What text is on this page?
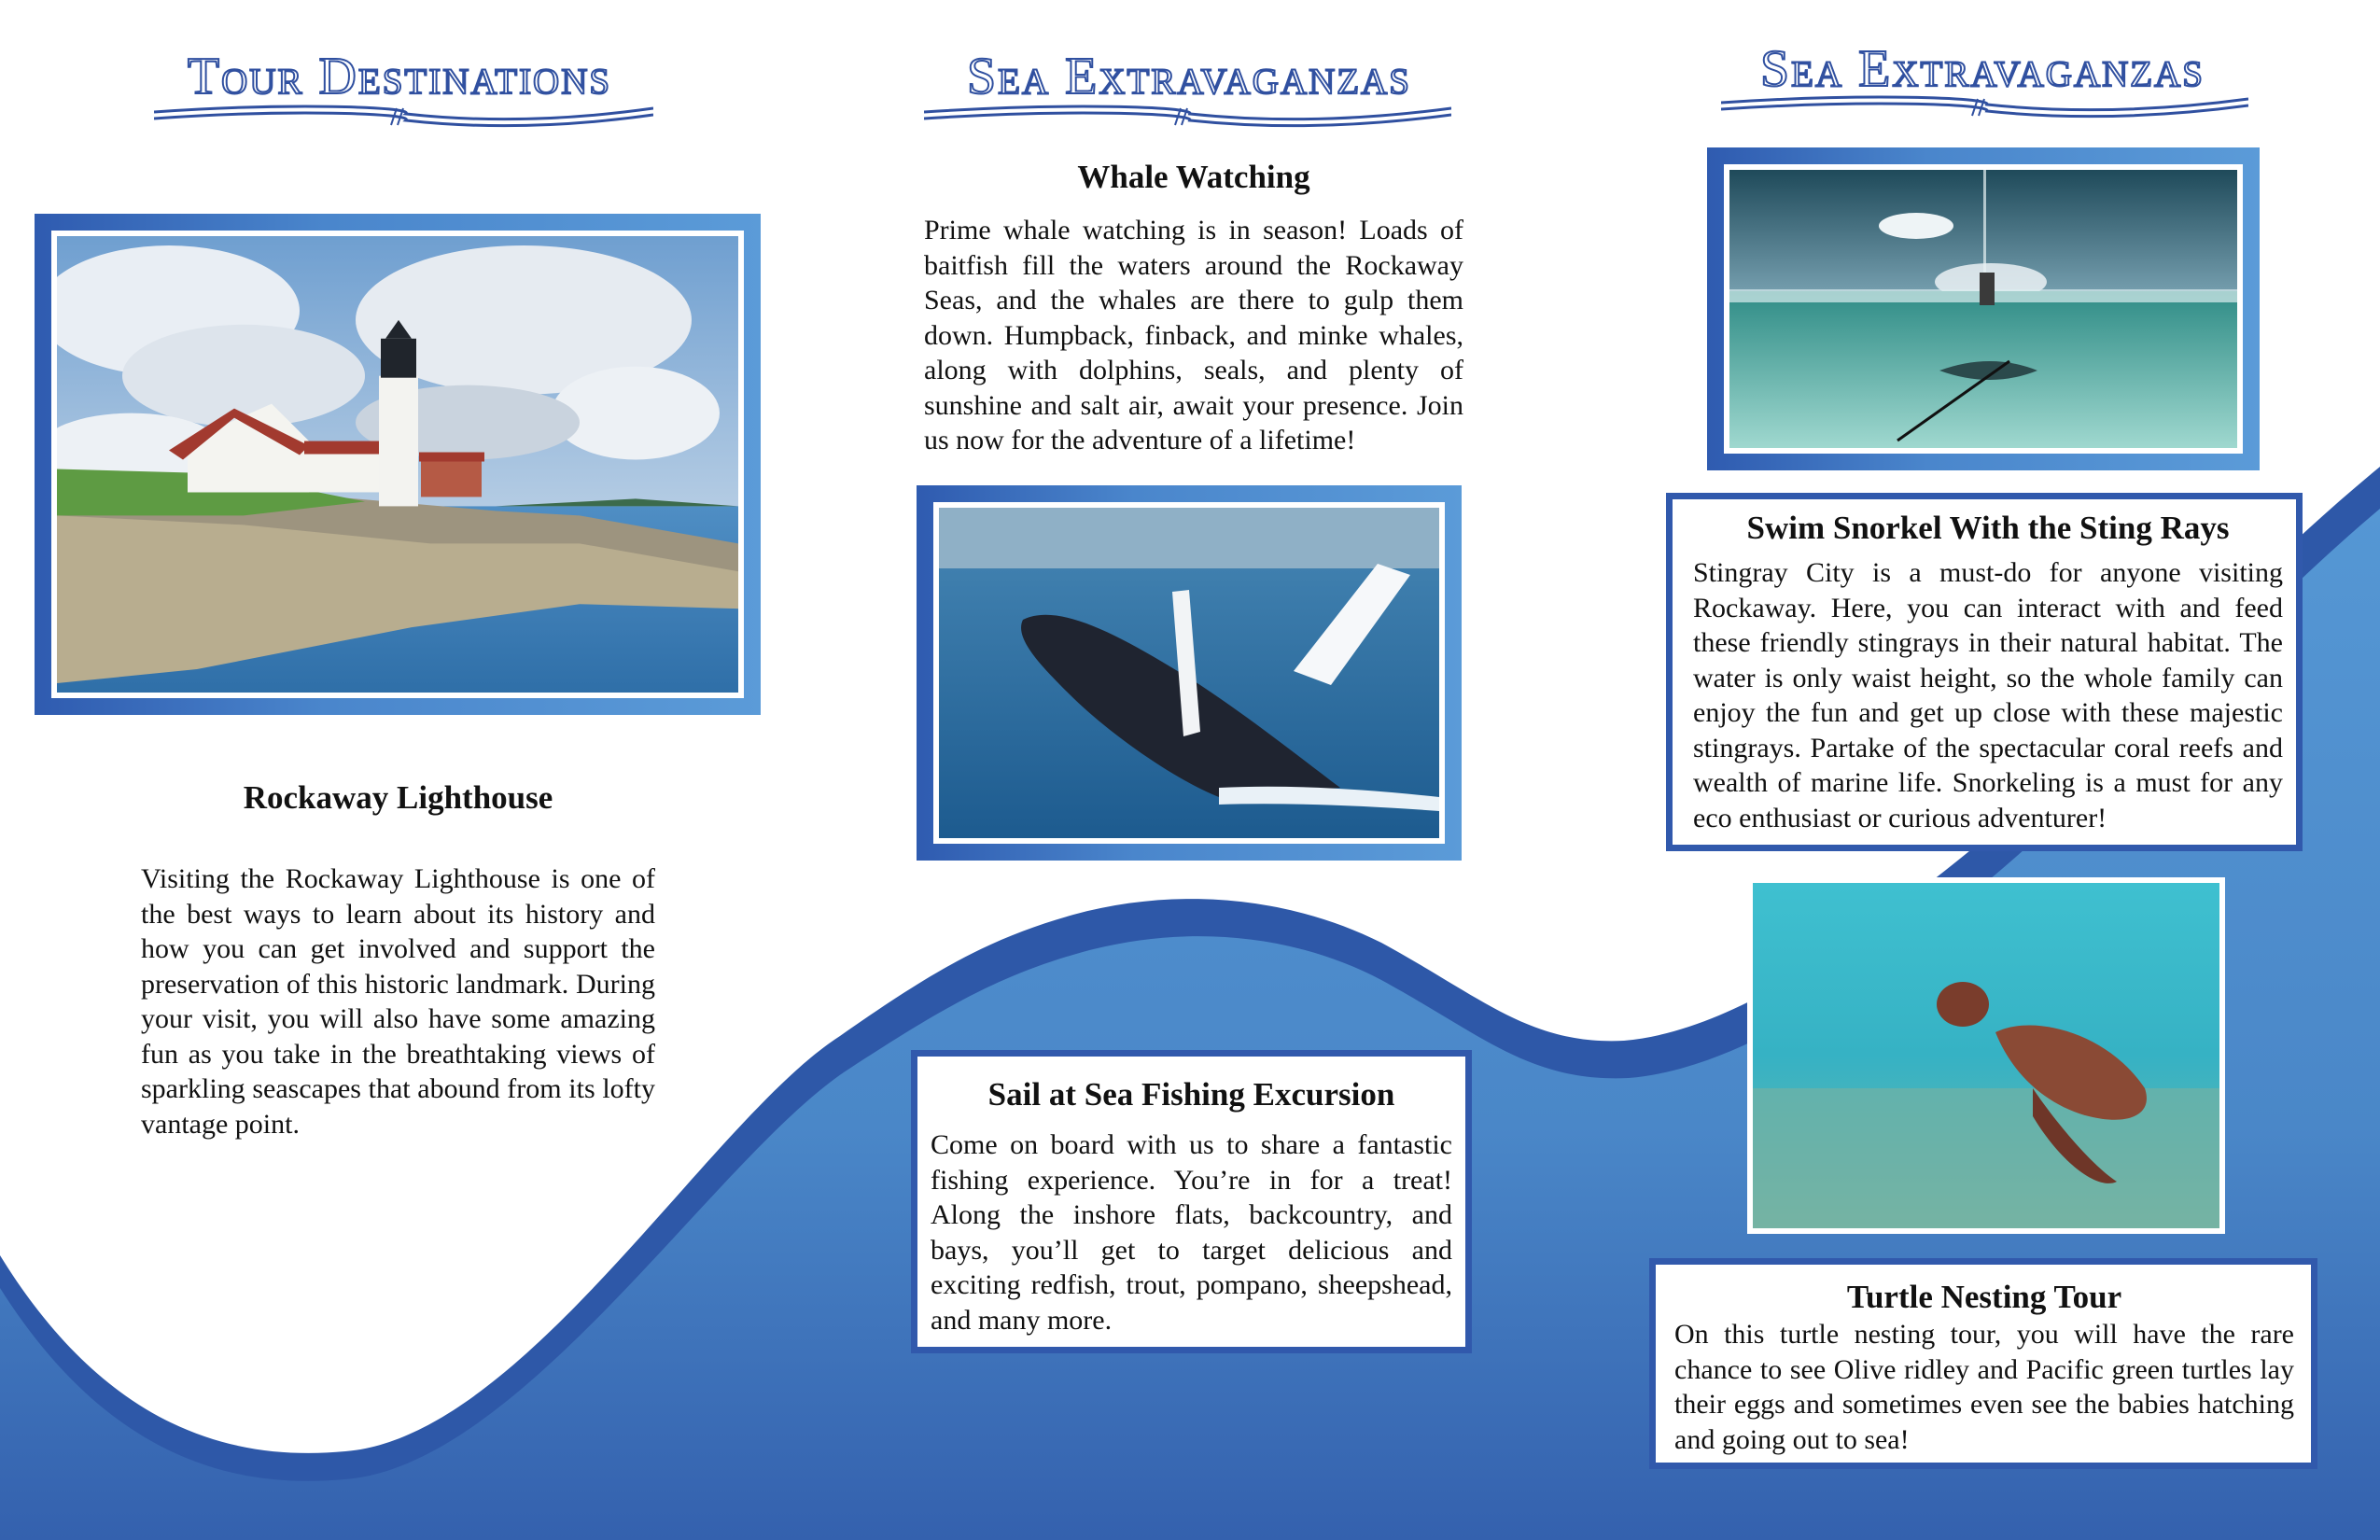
Tour Destinations
Rockaway Lighthouse
Visiting the Rockaway Lighthouse is one of the best ways to learn about its history and how you can get involved and support the preservation of this historic landmark. During your visit, you will also have some amazing fun as you take in the breathtaking views of sparkling seascapes that abound from its lofty vantage point.
Sea Extravaganzas
Whale Watching
Prime whale watching is in season! Loads of baitfish fill the waters around the Rockaway Seas, and the whales are there to gulp them down. Humpback, finback, and minke whales, along with dolphins, seals, and plenty of sunshine and salt air, await your presence. Join us now for the adventure of a lifetime!
Sail at Sea Fishing Excursion
Come on board with us to share a fantastic fishing experience. You’re in for a treat! Along the inshore flats, backcountry, and bays, you’ll get to target delicious and exciting redfish, trout, pompano, sheepshead, and many more.
Sea Extravaganzas
Swim Snorkel With the Sting Rays
Stingray City is a must-do for anyone visiting Rockaway. Here, you can interact with and feed these friendly stingrays in their natural habitat. The water is only waist height, so the whole family can enjoy the fun and get up close with these majestic stingrays. Partake of the spectacular coral reefs and wealth of marine life. Snorkeling is a must for any eco enthusiast or curious adventurer!
Turtle Nesting Tour
On this turtle nesting tour, you will have the rare chance to see Olive ridley and Pacific green turtles lay their eggs and sometimes even see the babies hatching and going out to sea!
